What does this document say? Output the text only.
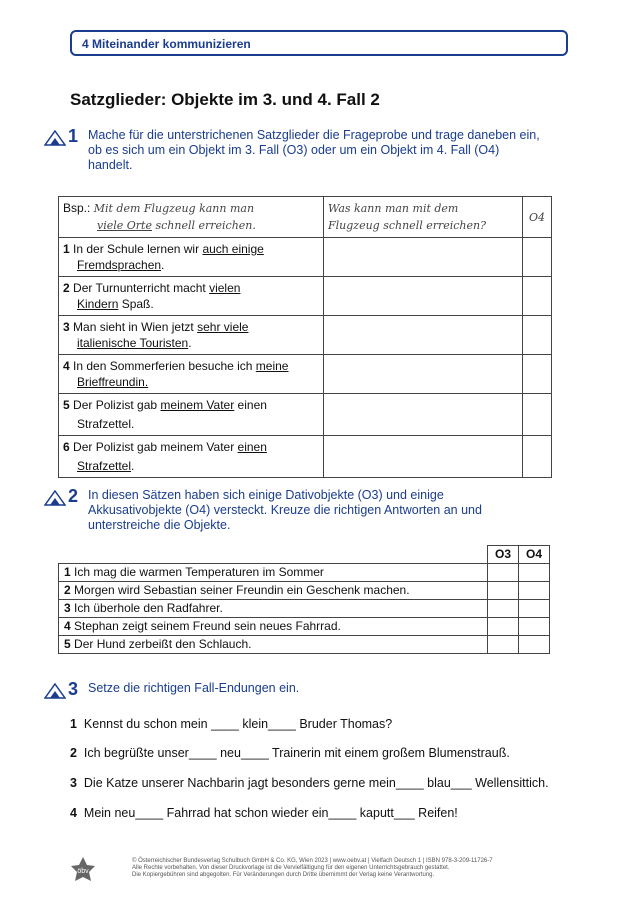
4 Miteinander kommunizieren
Satzglieder: Objekte im 3. und 4. Fall 2
1 Mache für die unterstrichenen Satzglieder die Frageprobe und trage daneben ein,
ob es sich um ein Objekt im 3. Fall (O3) oder um ein Objekt im 4. Fall (O4)
handelt.
Bsp.: Mit dem Flugzeug kann man
viele Orte schnell erreichen.	Was kann man mit dem
Flugzeug schnell erreichen?	O4
1 In der Schule lernen wir auch einige
Fremdsprachen.		
2 Der Turnunterricht macht vielen
Kindern Spaß.		
3 Man sieht in Wien jetzt sehr viele
italienische Touristen.		
4 In den Sommerferien besuche ich meine
Brieffreundin.		
5 Der Polizist gab meinem Vater einen
Strafzettel.		
6 Der Polizist gab meinem Vater einen
Strafzettel.		
2 In diesen Sätzen haben sich einige Dativobjekte (O3) und einige
Akkusativobjekte (O4) versteckt. Kreuze die richtigen Antworten an und
unterstreiche die Objekte.
	O3	O4
1 Ich mag die warmen Temperaturen im Sommer		
2 Morgen wird Sebastian seiner Freundin ein Geschenk machen.		
3 Ich überhole den Radfahrer.		
4 Stephan zeigt seinem Freund sein neues Fahrrad.		
5 Der Hund zerbeißt den Schlauch.		
3 Setze die richtigen Fall-Endungen ein.
1 Kennst du schon mein ____ klein____ Bruder Thomas?
2 Ich begrüßte unser____ neu____ Trainerin mit einem großem Blumenstrauß.
3 Die Katze unserer Nachbarin jagt besonders gerne mein____ blau___ Wellensittich.
4 Mein neu____ Fahrrad hat schon wieder ein____ kaputt___ Reifen!
öbv
© Österreichischer Bundesverlag Schulbuch GmbH & Co. KG, Wien 2023 | www.oebv.at | Vielfach Deutsch 1 | ISBN 978-3-209-11726-7
Alle Rechte vorbehalten. Von dieser Druckvorlage ist die Vervielfältigung für den eigenen Unterrichtsgebrauch gestattet.
Die Kopiergebühren sind abgegolten. Für Veränderungen durch Dritte übernimmt der Verlag keine Verantwortung.
